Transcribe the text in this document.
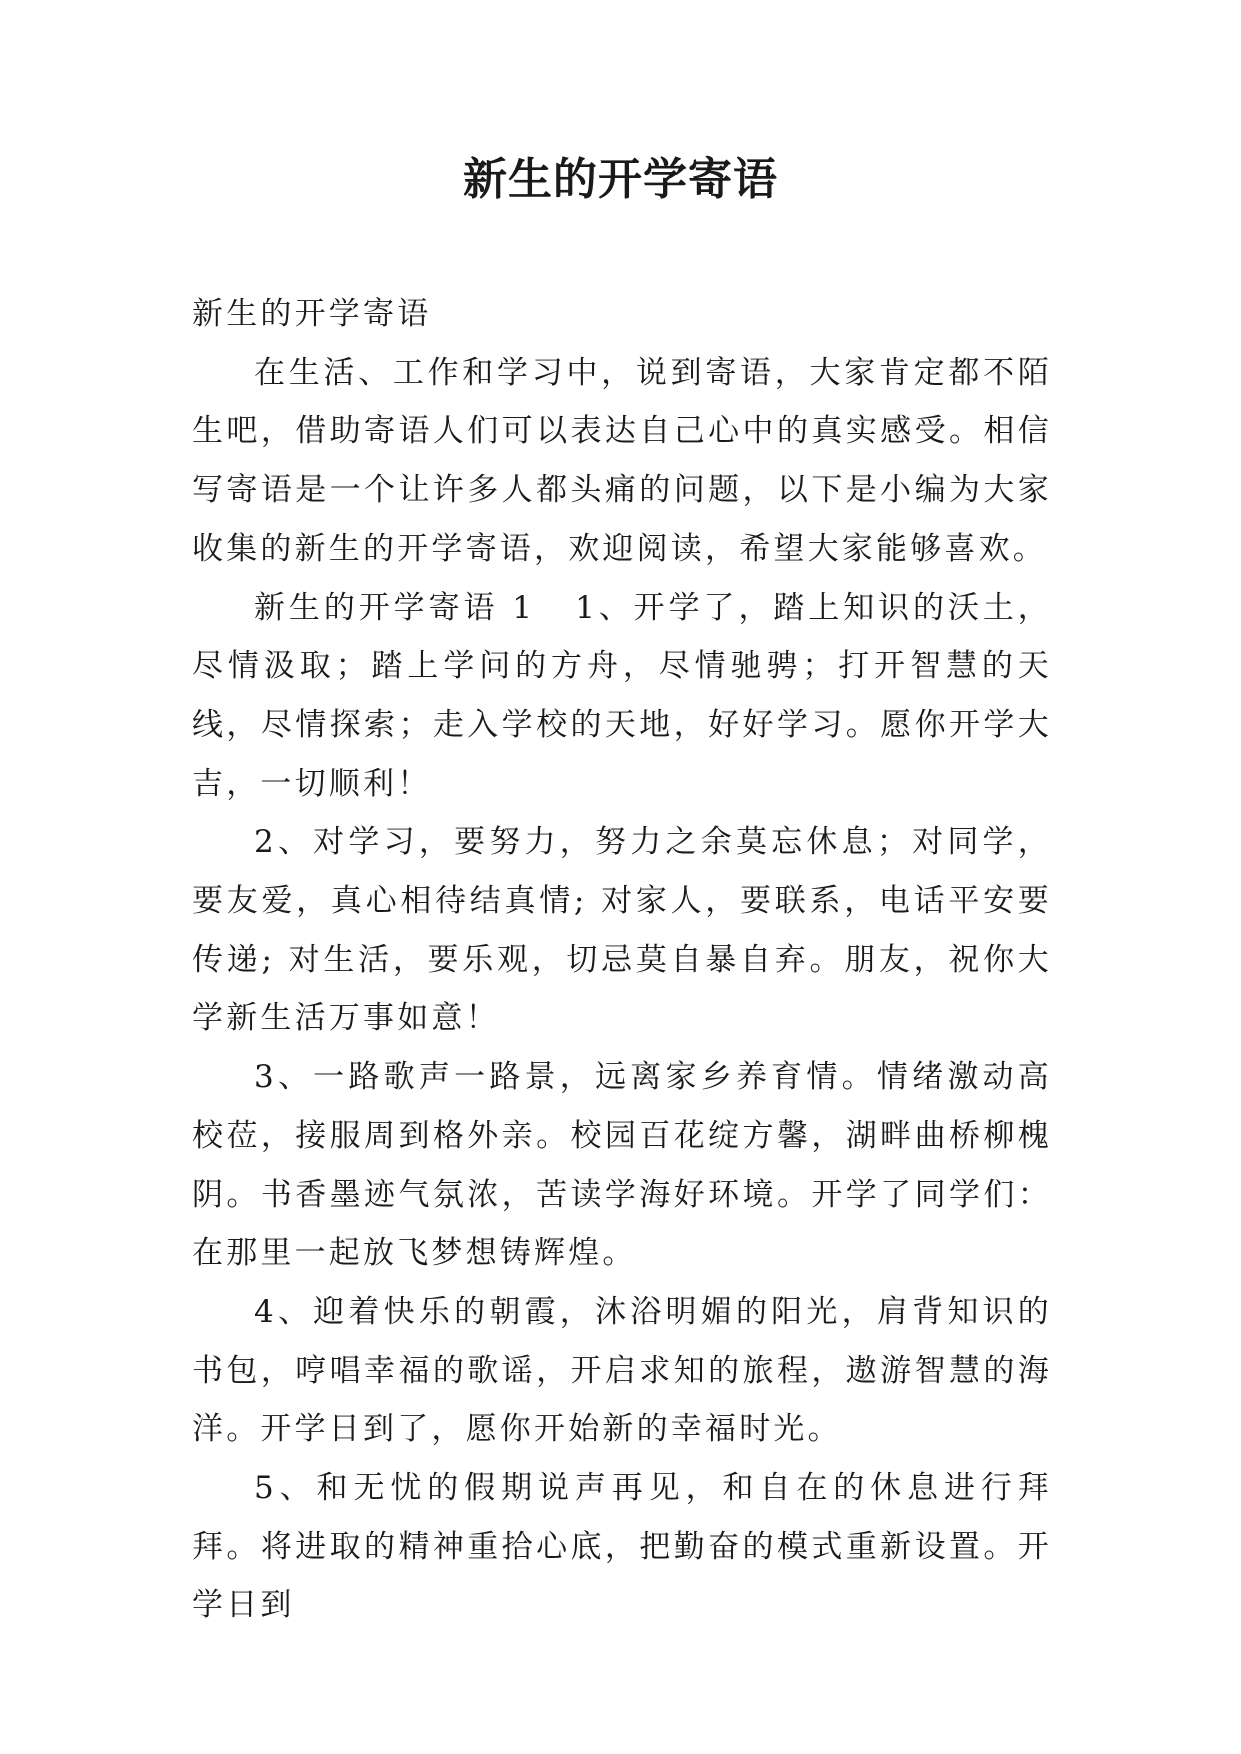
新生的开学寄语

新生的开学寄语

在生活、工作和学习中，说到寄语，大家肯定都不陌生吧，借助寄语人们可以表达自己心中的真实感受。相信写寄语是一个让许多人都头痛的问题，以下是小编为大家收集的新生的开学寄语，欢迎阅读，希望大家能够喜欢。

新生的开学寄语 1 1、开学了，踏上知识的沃土，尽情汲取；踏上学问的方舟，尽情驰骋；打开智慧的天线，尽情探索；走入学校的天地，好好学习。愿你开学大吉，一切顺利！

2、对学习，要努力，努力之余莫忘休息；对同学，要友爱，真心相待结真情; 对家人，要联系，电话平安要传递; 对生活，要乐观，切忌莫自暴自弃。朋友，祝你大学新生活万事如意！

3、一路歌声一路景，远离家乡养育情。情绪激动高校莅，接服周到格外亲。校园百花绽方馨，湖畔曲桥柳槐阴。书香墨迹气氛浓，苦读学海好环境。开学了同学们：在那里一起放飞梦想铸辉煌。

4、迎着快乐的朝霞，沐浴明媚的阳光，肩背知识的书包，哼唱幸福的歌谣，开启求知的旅程，遨游智慧的海洋。开学日到了，愿你开始新的幸福时光。

5、和无忧的假期说声再见，和自在的休息进行拜拜。将进取的精神重拾心底，把勤奋的模式重新设置。开学日到
